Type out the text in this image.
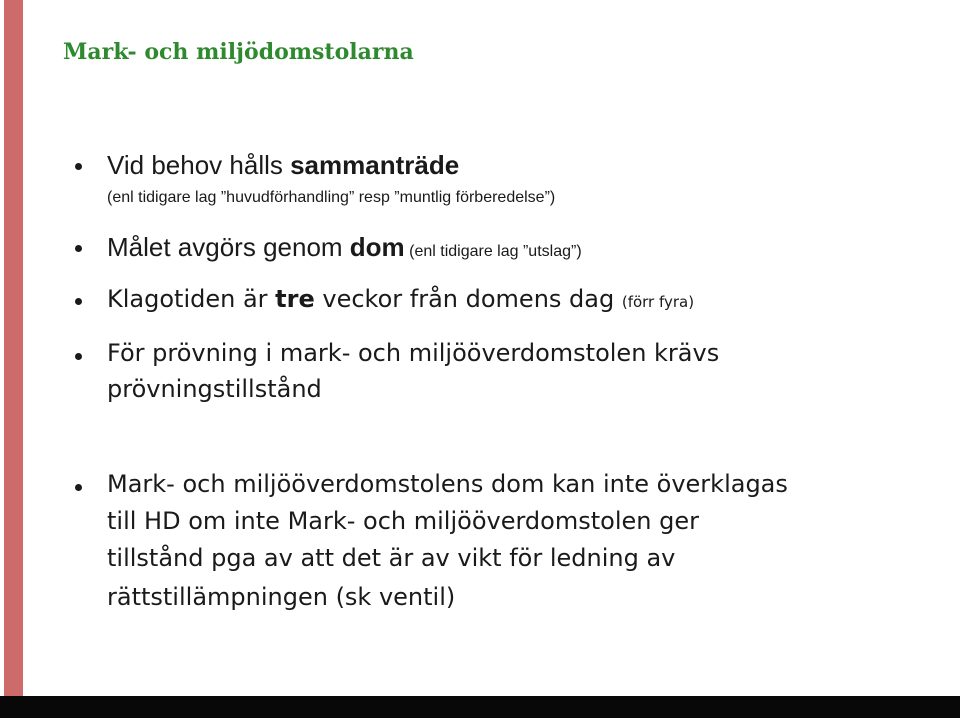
Mark- och miljödomstolarna
Vid behov hålls sammanträde
(enl tidigare lag ”huvudförhandling” resp ”muntlig förberedelse”)
Målet avgörs genom dom (enl tidigare lag ”utslag”)
Klagotiden är tre veckor från domens dag (förr fyra)
För prövning i mark- och miljööverdomstolen krävs
prövningstillstånd
Mark- och miljööverdomstolens dom kan inte överklagas
till HD om inte Mark- och miljööverdomstolen ger
tillstånd pga av att det är av vikt för ledning av
rättstillämpningen (sk ventil)
